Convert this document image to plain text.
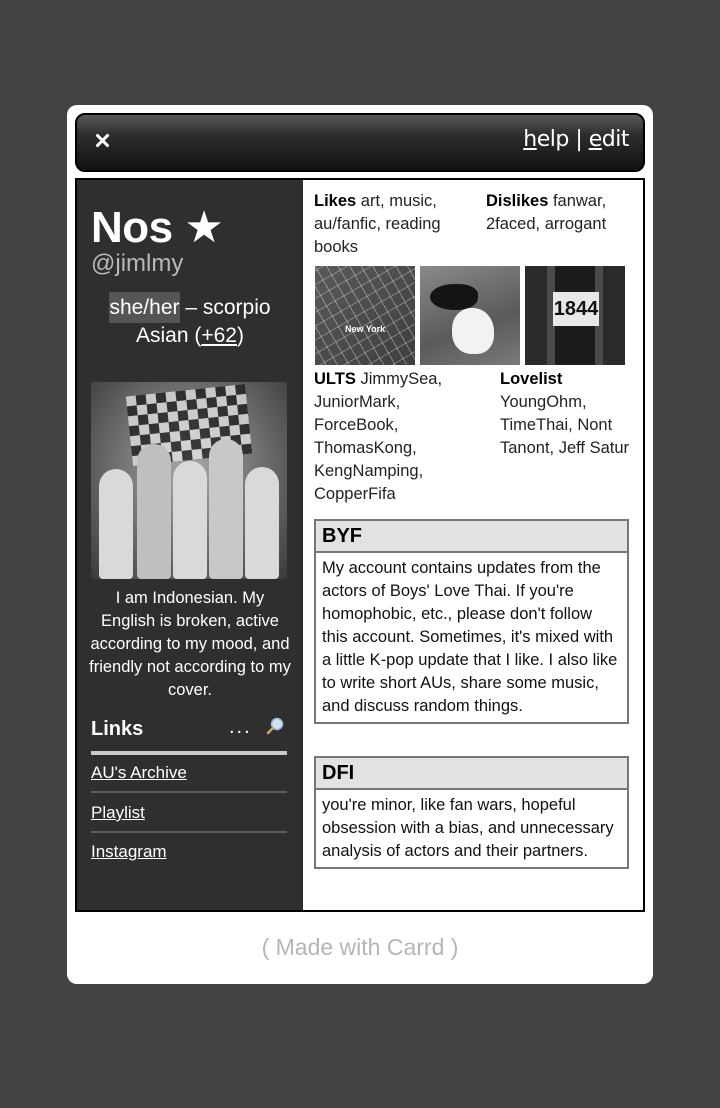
help | edit
Nos ★
@jimlmy
she/her – scorpio
Asian (+62)
I am Indonesian. My English is broken, active according to my mood, and friendly not according to my cover.
Links	...
AU's Archive
Playlist
Instagram
Likes art, music, au/fanfic, reading books
Dislikes fanwar, 2faced, arrogant
New York
1844
ULTS JimmySea, JuniorMark, ForceBook, ThomasKong, KengNamping, CopperFifa
Lovelist
YoungOhm, TimeThai, Nont Tanont, Jeff Satur
BYF
My account contains updates from the actors of Boys' Love Thai. If you're homophobic, etc., please don't follow this account. Sometimes, it's mixed with a little K-pop update that I like. I also like to write short AUs, share some music, and discuss random things.
DFI
you're minor, like fan wars, hopeful obsession with a bias, and unnecessary analysis of actors and their partners.
( Made with Carrd )
